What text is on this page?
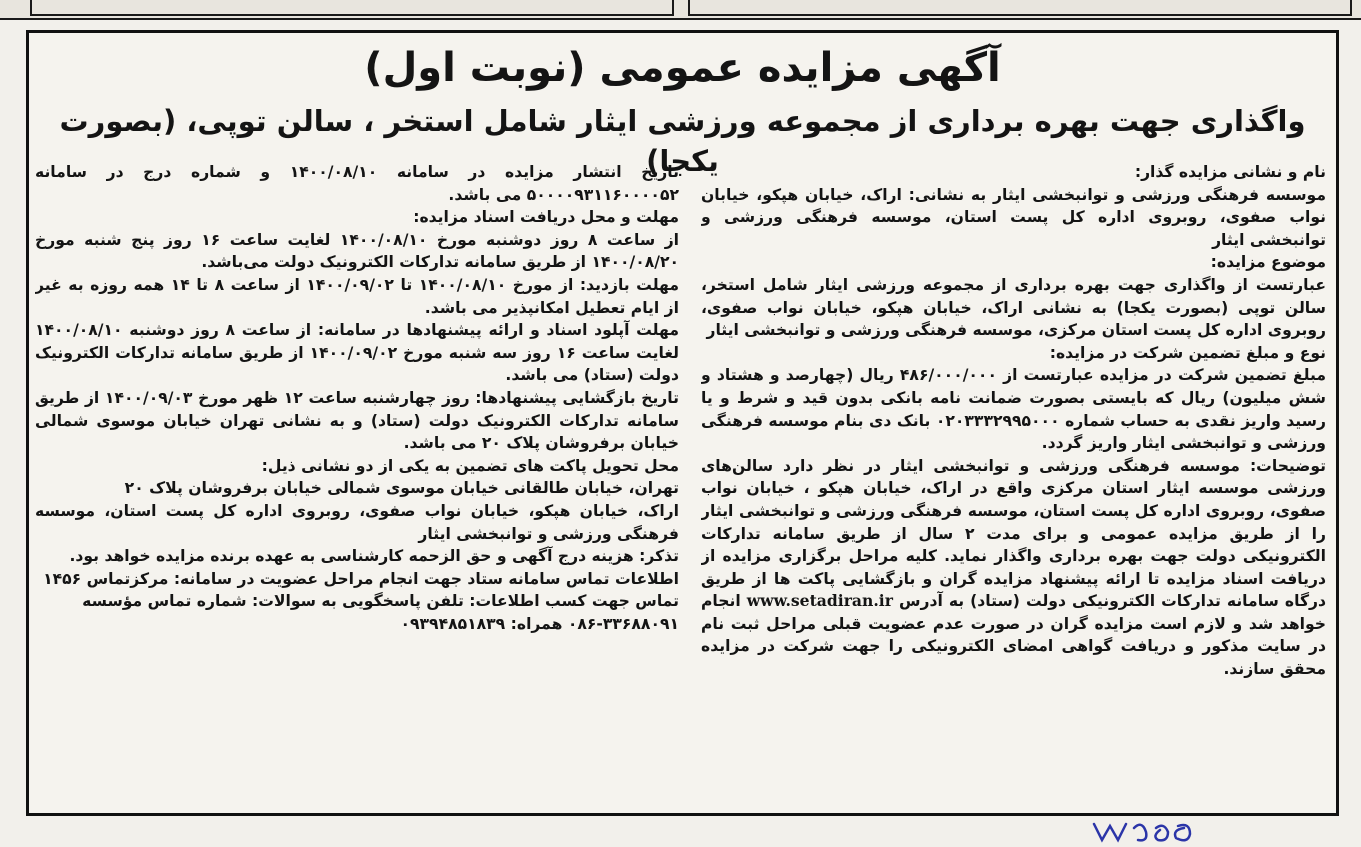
آگهی مزایده عمومی (نوبت اول)
واگذاری جهت بهره برداری از مجموعه ورزشی ایثار شامل استخر ، سالن توپی، (بصورت یکجا)	نام و نشانی مزایده گذار:

موسسه فرهنگی ورزشی و توانبخشی ایثار به نشانی: اراک، خیابان هپکو، خیابان نواب صفوی، روبروی اداره کل پست استان، موسسه فرهنگی ورزشی و توانبخشی ایثار

موضوع مزایده:

عبارتست از واگذاری جهت بهره برداری از مجموعه ورزشی ایثار شامل استخر، سالن توپی (بصورت یکجا) به نشانی اراک، خیابان هپکو، خیابان نواب صفوی، روبروی اداره کل پست استان مرکزی، موسسه فرهنگی ورزشی و توانبخشی ایثار

نوع و مبلغ تضمین شرکت در مزایده:

مبلغ تضمین شرکت در مزایده عبارتست از ۴۸۶/۰۰۰/۰۰۰ ریال (چهارصد و هشتاد و شش میلیون) ریال که بایستی بصورت ضمانت نامه بانکی بدون قید و شرط و یا رسید واریز نقدی به حساب شماره ۰۲۰۳۳۳۲۹۹۵۰۰۰ بانک دی بنام موسسه فرهنگی ورزشی و توانبخشی ایثار واریز گردد.

توضیحات: موسسه فرهنگی ورزشی و توانبخشی ایثار در نظر دارد سالن‌های ورزشی موسسه ایثار استان مرکزی واقع در اراک، خیابان هپکو ، خیابان نواب صفوی، روبروی اداره کل پست استان، موسسه فرهنگی ورزشی و توانبخشی ایثار را از طریق مزایده عمومی و برای مدت ۲ سال از طریق سامانه تدارکات الکترونیکی دولت جهت بهره برداری واگذار نماید. کلیه مراحل برگزاری مزایده از دریافت اسناد مزایده تا ارائه پیشنهاد مزایده گران و بازگشایی پاکت ها از طریق درگاه سامانه تدارکات الکترونیکی دولت (ستاد) به آدرس www.setadiran.ir انجام خواهد شد و لازم است مزایده گران در صورت عدم عضویت قبلی مراحل ثبت نام در سایت مذکور و دریافت گواهی امضای الکترونیکی را جهت شرکت در مزایده محقق سازند.

تاریخ انتشار مزایده در سامانه ۱۴۰۰/۰۸/۱۰ و شماره درج در سامانه ۵۰۰۰۰۹۳۱۱۶۰۰۰۰۵۲ می باشد.

مهلت و محل دریافت اسناد مزایده:

از ساعت ۸ روز دوشنبه مورخ ۱۴۰۰/۰۸/۱۰ لغایت ساعت ۱۶ روز پنج شنبه مورخ ۱۴۰۰/۰۸/۲۰ از طریق سامانه تدارکات الکترونیک دولت می‌باشد.

مهلت بازدید: از مورخ ۱۴۰۰/۰۸/۱۰ تا ۱۴۰۰/۰۹/۰۲ از ساعت ۸ تا ۱۴ همه روزه به غیر از ایام تعطیل امکانپذیر می باشد.

مهلت آپلود اسناد و ارائه پیشنهادها در سامانه: از ساعت ۸ روز دوشنبه ۱۴۰۰/۰۸/۱۰ لغایت ساعت ۱۶ روز سه شنبه مورخ ۱۴۰۰/۰۹/۰۲ از طریق سامانه تدارکات الکترونیک دولت (ستاد) می باشد.

تاریخ بازگشایی پیشنهادها: روز چهارشنبه ساعت ۱۲ ظهر مورخ ۱۴۰۰/۰۹/۰۳ از طریق سامانه تدارکات الکترونیک دولت (ستاد) و به نشانی تهران خیابان موسوی شمالی خیابان برفروشان پلاک ۲۰ می باشد.

محل تحویل پاکت های تضمین به یکی از دو نشانی ذیل:

تهران، خیابان طالقانی خیابان موسوی شمالی خیابان برفروشان پلاک ۲۰

اراک، خیابان هپکو، خیابان نواب صفوی، روبروی اداره کل پست استان، موسسه فرهنگی ورزشی و توانبخشی ایثار

تذکر: هزینه درج آگهی و حق الزحمه کارشناسی به عهده برنده مزایده خواهد بود.

اطلاعات تماس سامانه ستاد جهت انجام مراحل عضویت در سامانه: مرکزتماس ۱۴۵۶

تماس جهت کسب اطلاعات: تلفن پاسخگویی به سوالات: شماره تماس مؤسسه

۰۸۶-۳۳۶۸۸۰۹۱ همراه: ۰۹۳۹۴۸۵۱۸۳۹
